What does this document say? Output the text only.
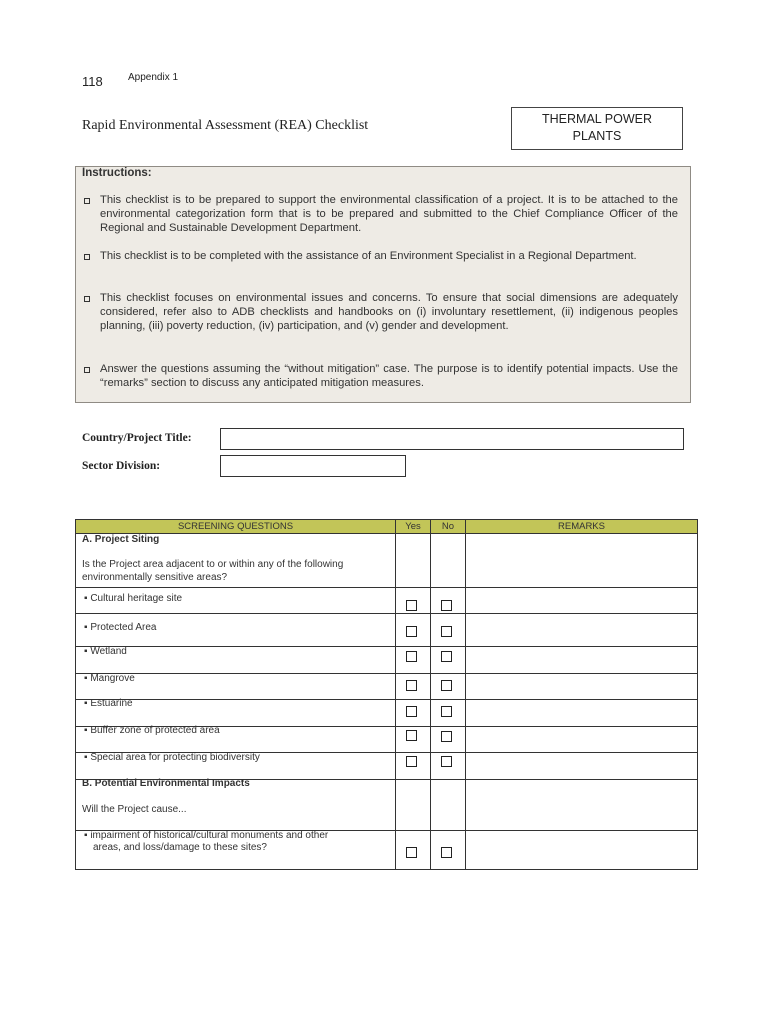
118	Appendix 1
Rapid Environmental Assessment (REA) Checklist	THERMAL POWER
PLANTS
Instructions:
This checklist is to be prepared to support the environmental classification of a project. It is to be attached to the environmental categorization form that is to be prepared and submitted to the Chief Compliance Officer of the Regional and Sustainable Development Department.
This checklist is to be completed with the assistance of an Environment Specialist in a Regional Department.
This checklist focuses on environmental issues and concerns. To ensure that social dimensions are adequately considered, refer also to ADB checklists and handbooks on (i) involuntary resettlement, (ii) indigenous peoples planning, (iii) poverty reduction, (iv) participation, and (v) gender and development.
Answer the questions assuming the “without mitigation” case. The purpose is to identify potential impacts. Use the “remarks” section to discuss any anticipated mitigation measures.
Country/Project Title:
Sector Division:
SCREENING QUESTIONS	Yes	No	REMARKS
A. Project Siting
Is the Project area adjacent to or within any of the following environmentally sensitive areas?
▪ Cultural heritage site
▪ Protected Area
▪ Wetland
▪ Mangrove
▪ Estuarine
▪ Buffer zone of protected area
▪ Special area for protecting biodiversity
B. Potential Environmental Impacts
Will the Project cause...
▪ impairment of historical/cultural monuments and other
areas, and loss/damage to these sites?
